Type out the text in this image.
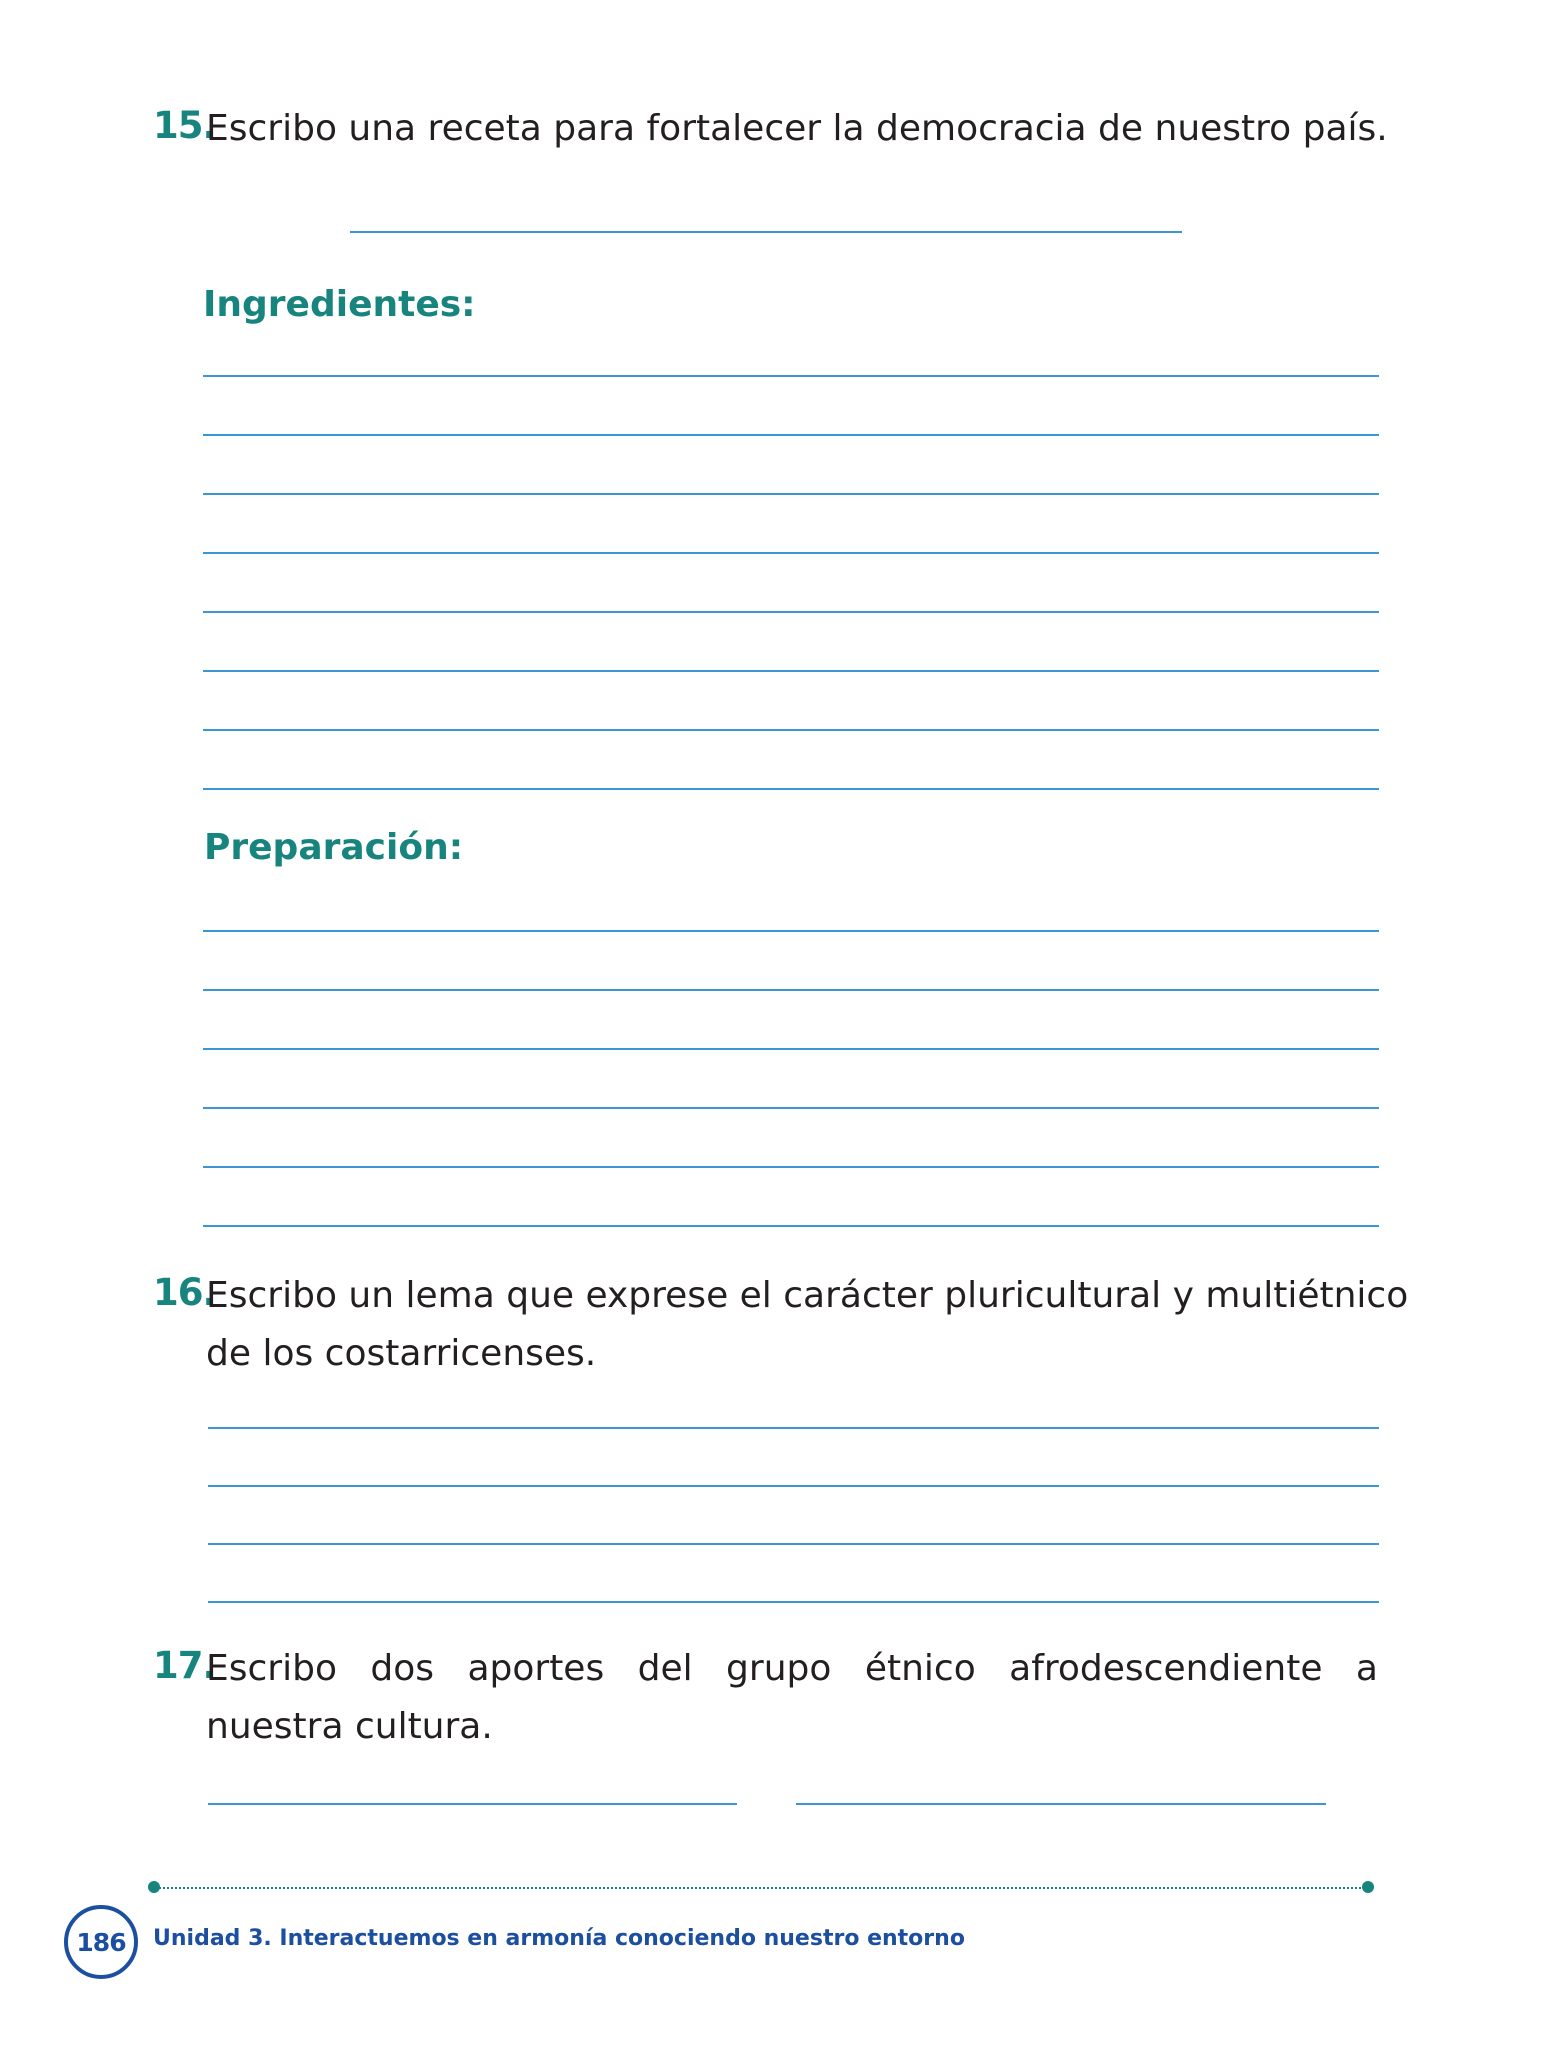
15.
Escribo una receta para fortalecer la democracia de nuestro país.
Ingredientes:
Preparación:
16.
Escribo un lema que exprese el carácter pluricultural y multiétnico
de los costarricenses.
17.
Escribo dos aportes del grupo étnico afrodescendiente a
nuestra cultura.
186 Unidad 3. Interactuemos en armonía conociendo nuestro entorno
